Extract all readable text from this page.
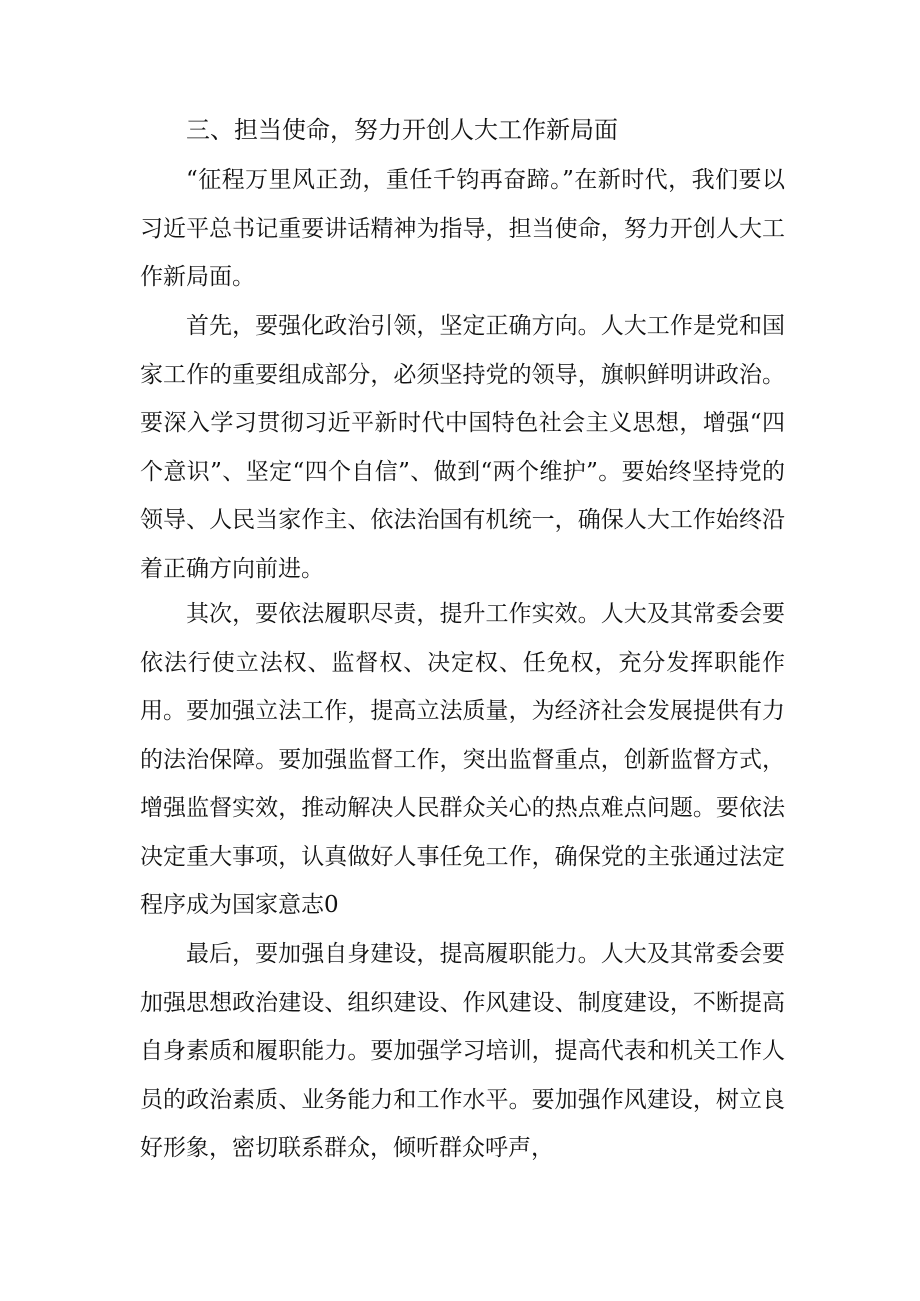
三、担当使命，努力开创人大工作新局面

“征程万里风正劲，重任千钧再奋蹄。”在新时代，我们要以习近平总书记重要讲话精神为指导，担当使命，努力开创人大工作新局面。

首先，要强化政治引领，坚定正确方向。人大工作是党和国家工作的重要组成部分，必须坚持党的领导，旗帜鲜明讲政治。要深入学习贯彻习近平新时代中国特色社会主义思想，增强“四个意识”、坚定“四个自信”、做到“两个维护”。要始终坚持党的领导、人民当家作主、依法治国有机统一，确保人大工作始终沿着正确方向前进。

其次，要依法履职尽责，提升工作实效。人大及其常委会要依法行使立法权、监督权、决定权、任免权，充分发挥职能作用。要加强立法工作，提高立法质量，为经济社会发展提供有力的法治保障。要加强监督工作，突出监督重点，创新监督方式，增强监督实效，推动解决人民群众关心的热点难点问题。要依法决定重大事项，认真做好人事任免工作，确保党的主张通过法定程序成为国家意志0

最后，要加强自身建设，提高履职能力。人大及其常委会要加强思想政治建设、组织建设、作风建设、制度建设，不断提高自身素质和履职能力。要加强学习培训，提高代表和机关工作人员的政治素质、业务能力和工作水平。要加强作风建设，树立良好形象，密切联系群众，倾听群众呼声，
